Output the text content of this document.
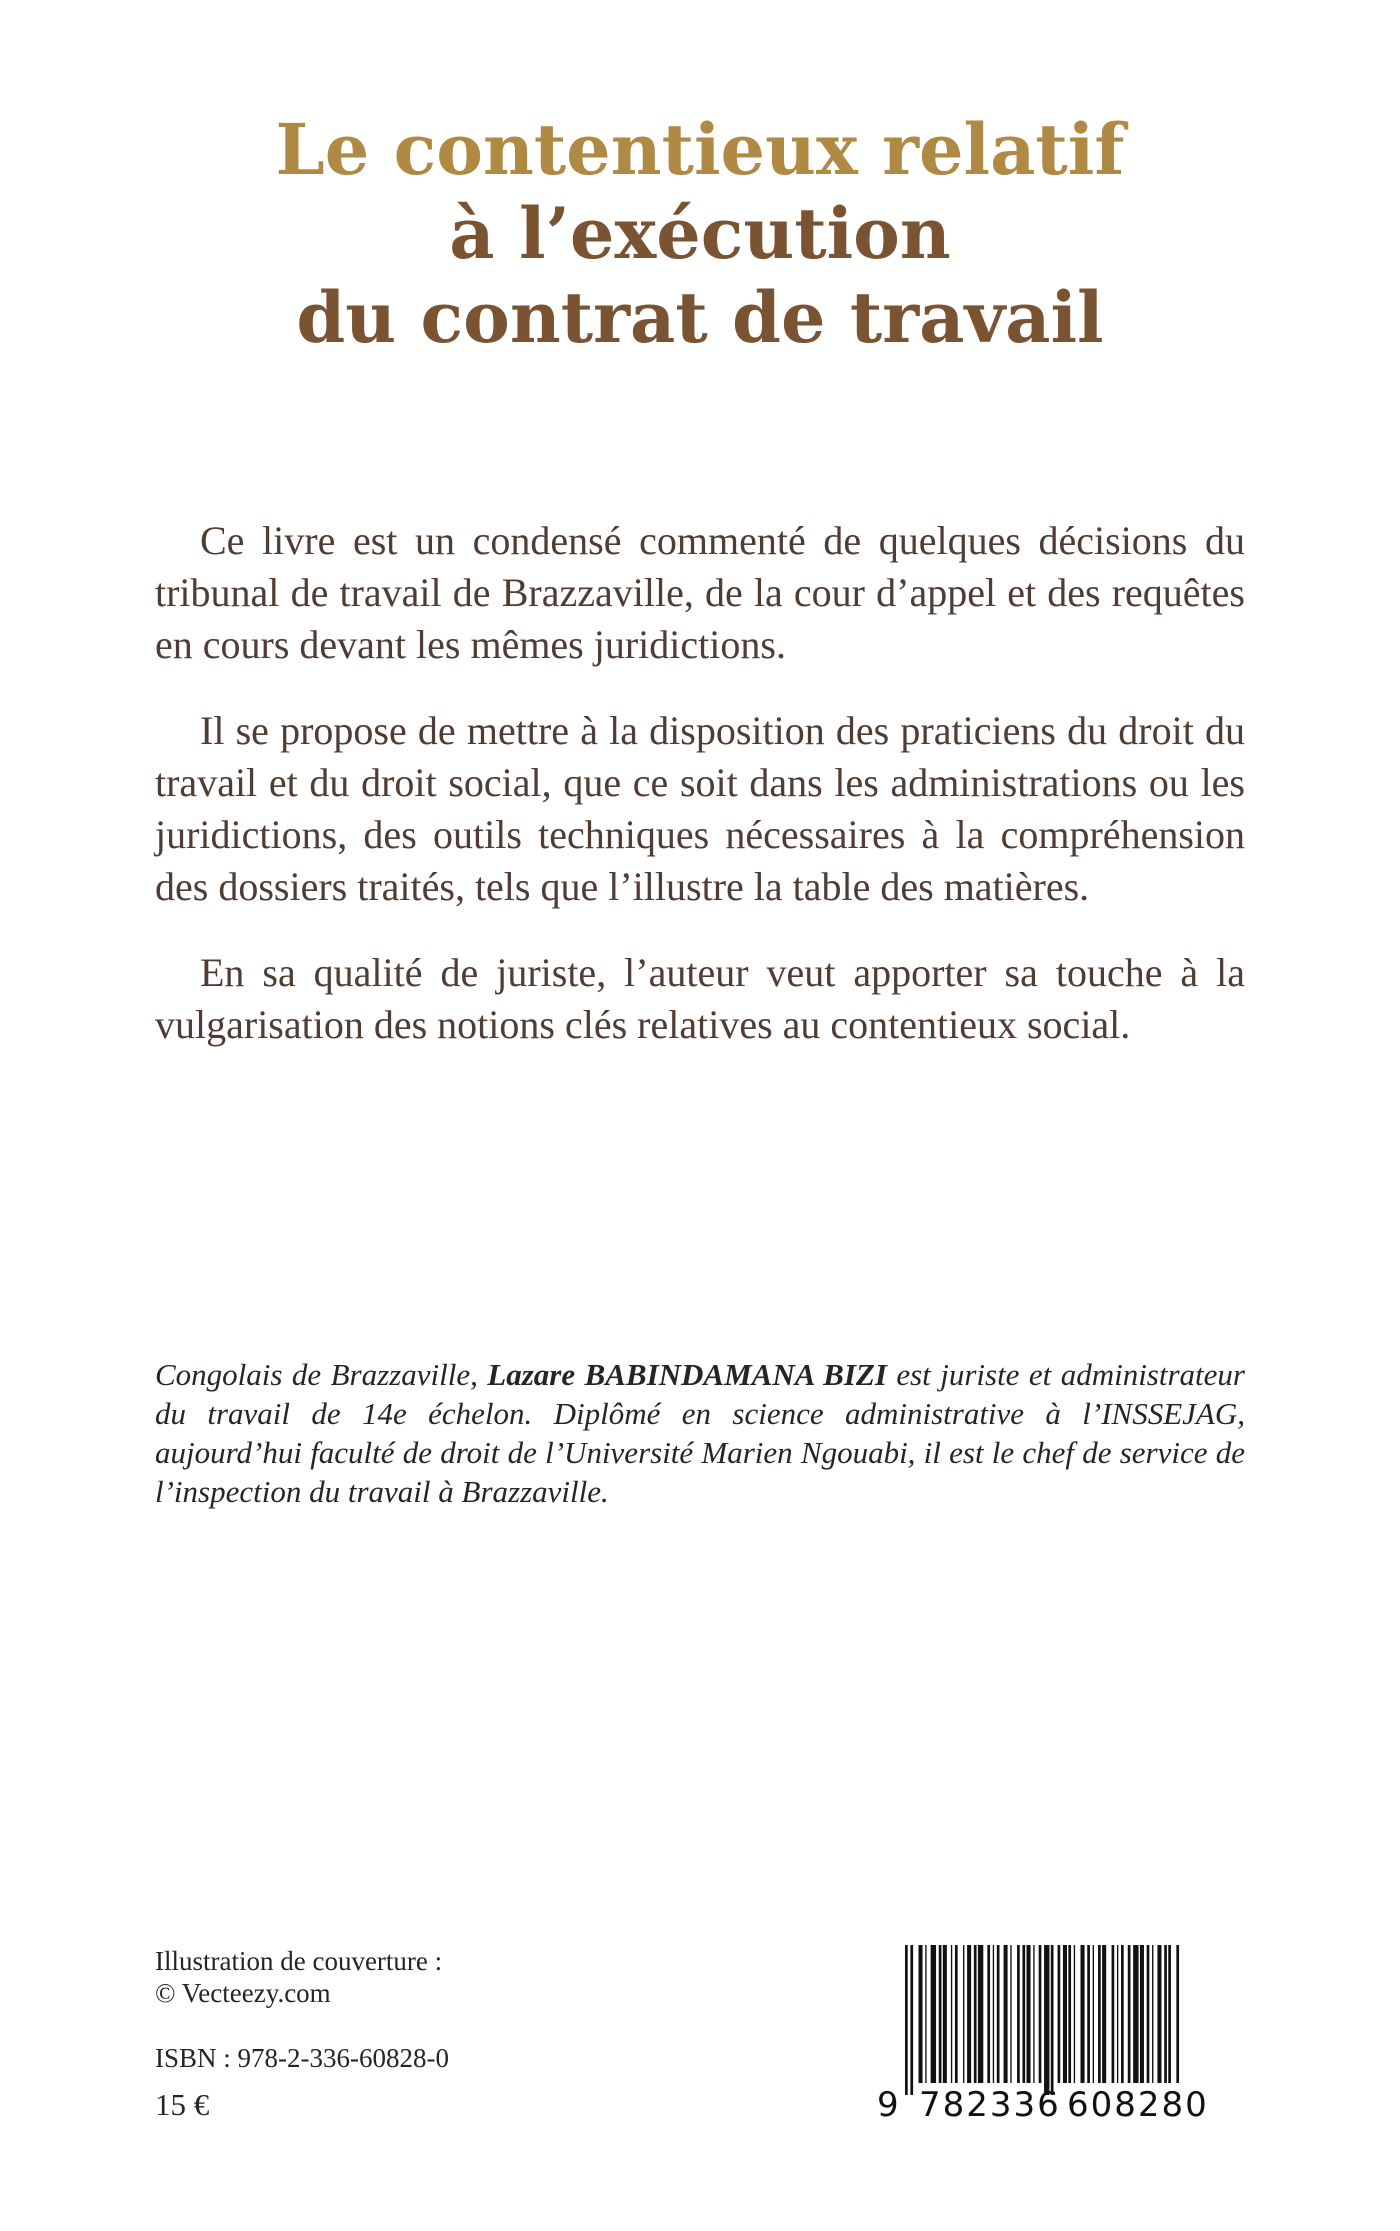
Le contentieux relatif
à l’exécution
du contrat de travail

Ce livre est un condensé commenté de quelques décisions du tribunal de travail de Brazzaville, de la cour d’appel et des requêtes en cours devant les mêmes juridictions.

Il se propose de mettre à la disposition des praticiens du droit du travail et du droit social, que ce soit dans les administrations ou les juridictions, des outils techniques nécessaires à la compréhension des dossiers traités, tels que l’illustre la table des matières.

En sa qualité de juriste, l’auteur veut apporter sa touche à la vulgarisation des notions clés relatives au contentieux social.

Congolais de Brazzaville, Lazare BABINDAMANA BIZI est juriste et administrateur du travail de 14e échelon. Diplômé en science administrative à l’INSSEJAG, aujourd’hui faculté de droit de l’Université Marien Ngouabi, il est le chef de service de l’inspection du travail à Brazzaville.
Illustration de couverture :
© Vecteezy.com
ISBN : 978-2-336-60828-0
15 €	9 782336 608280
